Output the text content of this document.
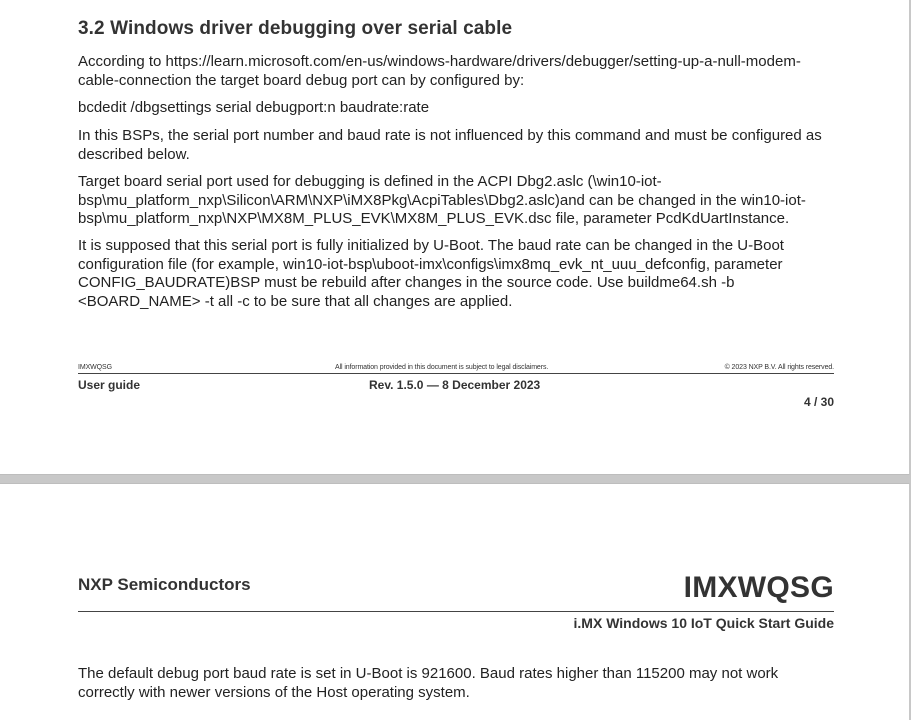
3.2 Windows driver debugging over serial cable

According to https://learn.microsoft.com/en-us/windows-hardware/drivers/debugger/setting-up-a-null-modem-cable-connection the target board debug port can by configured by:

bcdedit /dbgsettings serial debugport:n baudrate:rate

In this BSPs, the serial port number and baud rate is not influenced by this command and must be configured as described below.

Target board serial port used for debugging is defined in the ACPI Dbg2.aslc (\win10-iot-bsp\mu_platform_nxp\Silicon\ARM\NXP\iMX8Pkg\AcpiTables\Dbg2.aslc)and can be changed in the win10-iot-bsp\mu_platform_nxp\NXP\MX8M_PLUS_EVK\MX8M_PLUS_EVK.dsc file, parameter PcdKdUartInstance.

It is supposed that this serial port is fully initialized by U-Boot. The baud rate can be changed in the U-Boot configuration file (for example, win10-iot-bsp\uboot-imx\configs\imx8mq_evk_nt_uuu_defconfig, parameter CONFIG_BAUDRATE)BSP must be rebuild after changes in the source code. Use buildme64.sh -b <BOARD_NAME> -t all -c to be sure that all changes are applied.

IMXWQSG	All information provided in this document is subject to legal disclaimers.	© 2023 NXP B.V. All rights reserved.
User guide	Rev. 1.5.0 — 8 December 2023
4 / 30
NXP Semiconductors	IMXWQSG
i.MX Windows 10 IoT Quick Start Guide

The default debug port baud rate is set in U-Boot is 921600. Baud rates higher than 115200 may not work correctly with newer versions of the Host operating system.
